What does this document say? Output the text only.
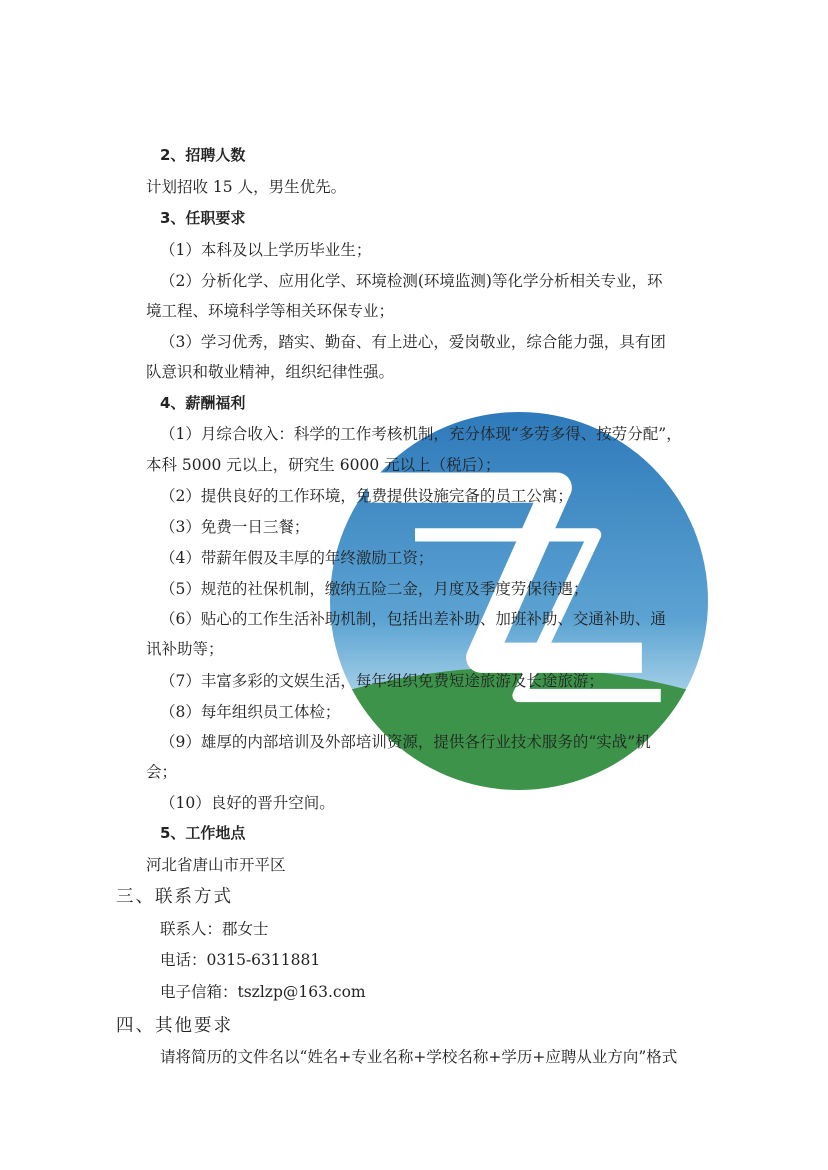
2、招聘人数
计划招收 15 人，男生优先。
3、任职要求
（1）本科及以上学历毕业生；
（2）分析化学、应用化学、环境检测(环境监测)等化学分析相关专业，环
境工程、环境科学等相关环保专业；
（3）学习优秀，踏实、勤奋、有上进心，爱岗敬业，综合能力强，具有团
队意识和敬业精神，组织纪律性强。
4、薪酬福利
（1）月综合收入：科学的工作考核机制，充分体现“多劳多得、按劳分配”，
本科 5000 元以上，研究生 6000 元以上（税后）；
（2）提供良好的工作环境，免费提供设施完备的员工公寓；
（3）免费一日三餐；
（4）带薪年假及丰厚的年终激励工资；
（5）规范的社保机制，缴纳五险二金，月度及季度劳保待遇；
（6）贴心的工作生活补助机制，包括出差补助、加班补助、交通补助、通
讯补助等；
（7）丰富多彩的文娱生活，每年组织免费短途旅游及长途旅游；
（8）每年组织员工体检；
（9）雄厚的内部培训及外部培训资源，提供各行业技术服务的“实战”机
会；
（10）良好的晋升空间。
5、工作地点
河北省唐山市开平区
三、联系方式
联系人：郡女士
电话：0315-6311881
电子信箱：tszlzp@163.com
四、其他要求
请将简历的文件名以“姓名+专业名称+学校名称+学历+应聘从业方向”格式
